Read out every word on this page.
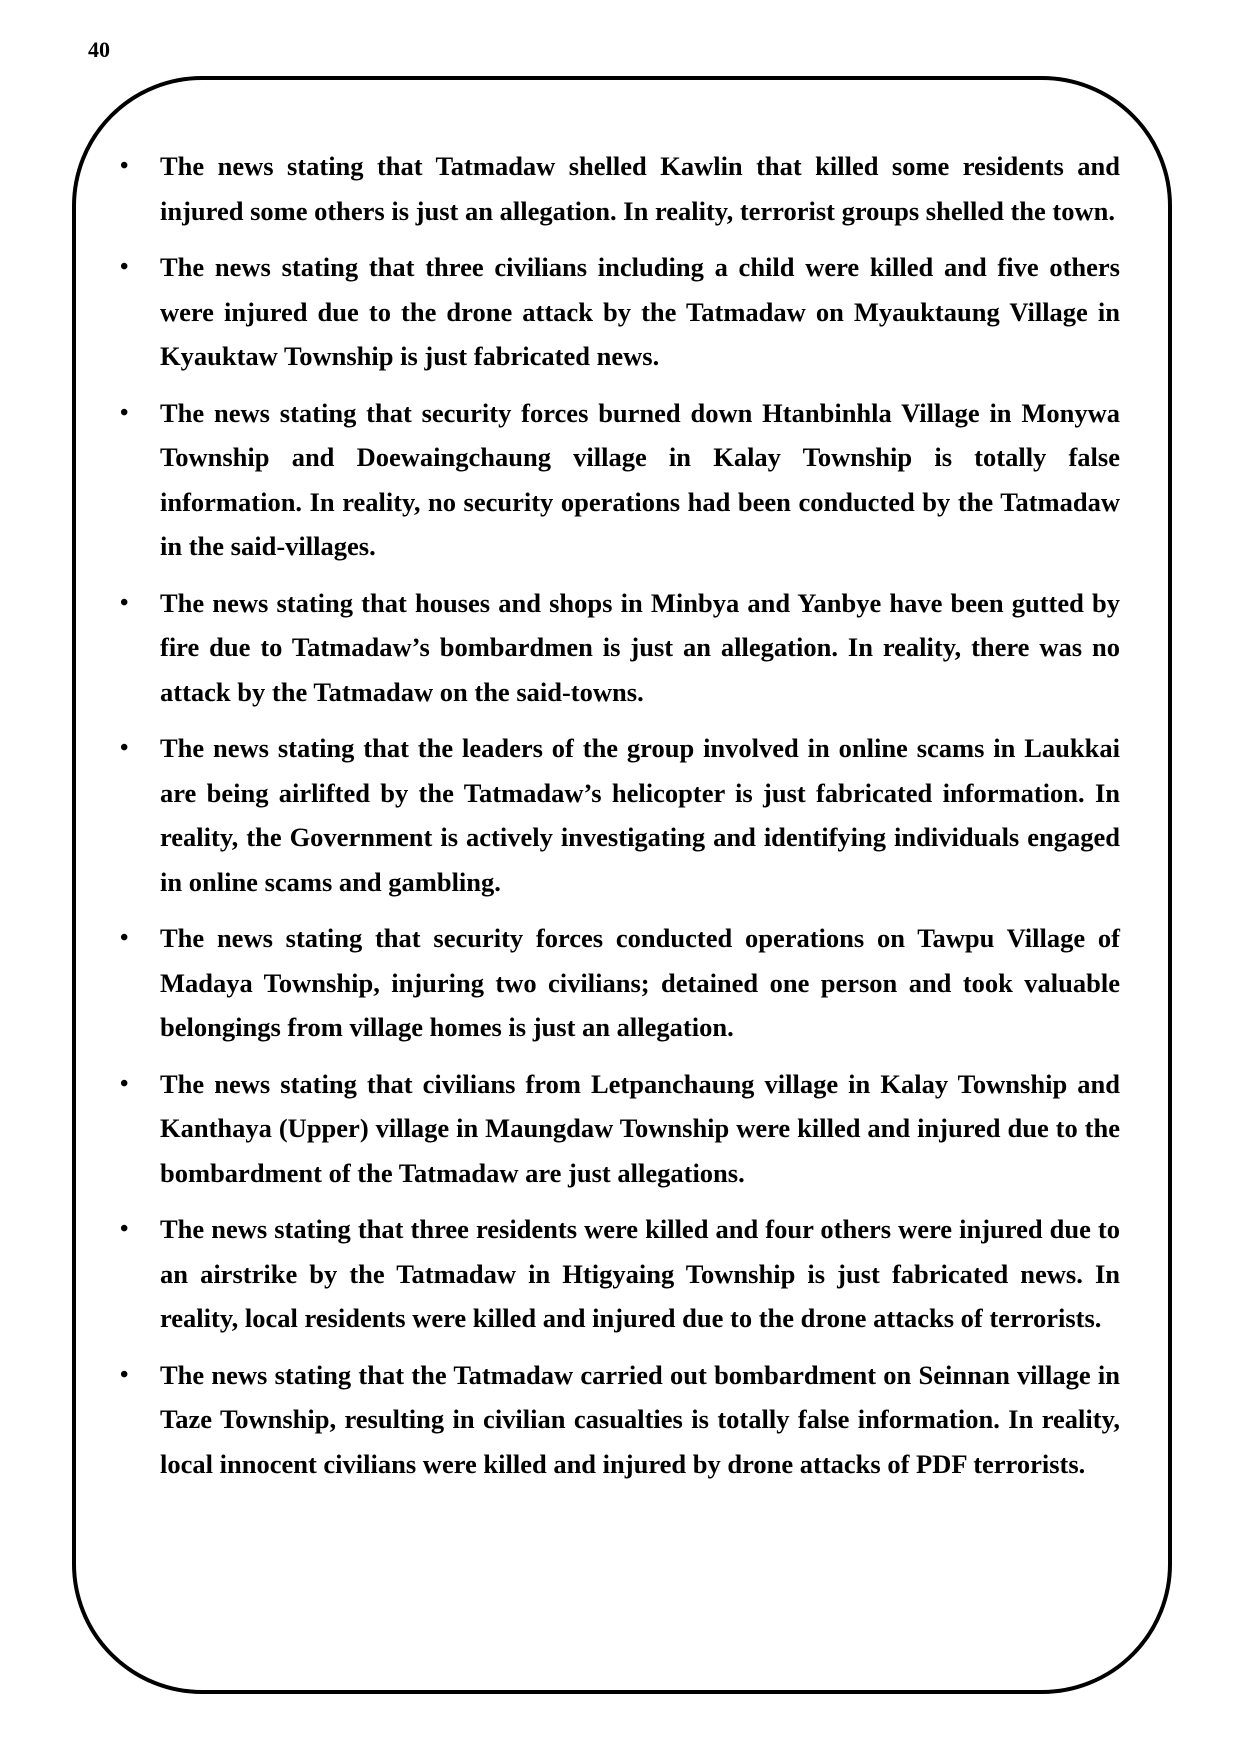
40
•	The news stating that Tatmadaw shelled Kawlin that killed some residents and injured some others is just an allegation. In reality, terrorist groups shelled the town.
•	The news stating that three civilians including a child were killed and five others were injured due to the drone attack by the Tatmadaw on Myauktaung Village in Kyauktaw Township is just fabricated news.
•	The news stating that security forces burned down Htanbinhla Village in Monywa Township and Doewaingchaung village in Kalay Township is totally false information. In reality, no security operations had been conducted by the Tatmadaw in the said-villages.
•	The news stating that houses and shops in Minbya and Yanbye have been gutted by fire due to Tatmadaw’s bombardmen is just an allegation. In reality, there was no attack by the Tatmadaw on the said-towns.
•	The news stating that the leaders of the group involved in online scams in Laukkai are being airlifted by the Tatmadaw’s helicopter is just fabricated information. In reality, the Government is actively investigating and identifying individuals engaged in online scams and gambling.
•	The news stating that security forces conducted operations on Tawpu Village of Madaya Township, injuring two civilians; detained one person and took valuable belongings from village homes is just an allegation.
•	The news stating that civilians from Letpanchaung village in Kalay Township and Kanthaya (Upper) village in Maungdaw Township were killed and injured due to the bombardment of the Tatmadaw are just allegations.
•	The news stating that three residents were killed and four others were injured due to an airstrike by the Tatmadaw in Htigyaing Township is just fabricated news. In reality, local residents were killed and injured due to the drone attacks of terrorists.
•	The news stating that the Tatmadaw carried out bombardment on Seinnan village in Taze Township, resulting in civilian casualties is totally false information. In reality, local innocent civilians were killed and injured by drone attacks of PDF terrorists.
